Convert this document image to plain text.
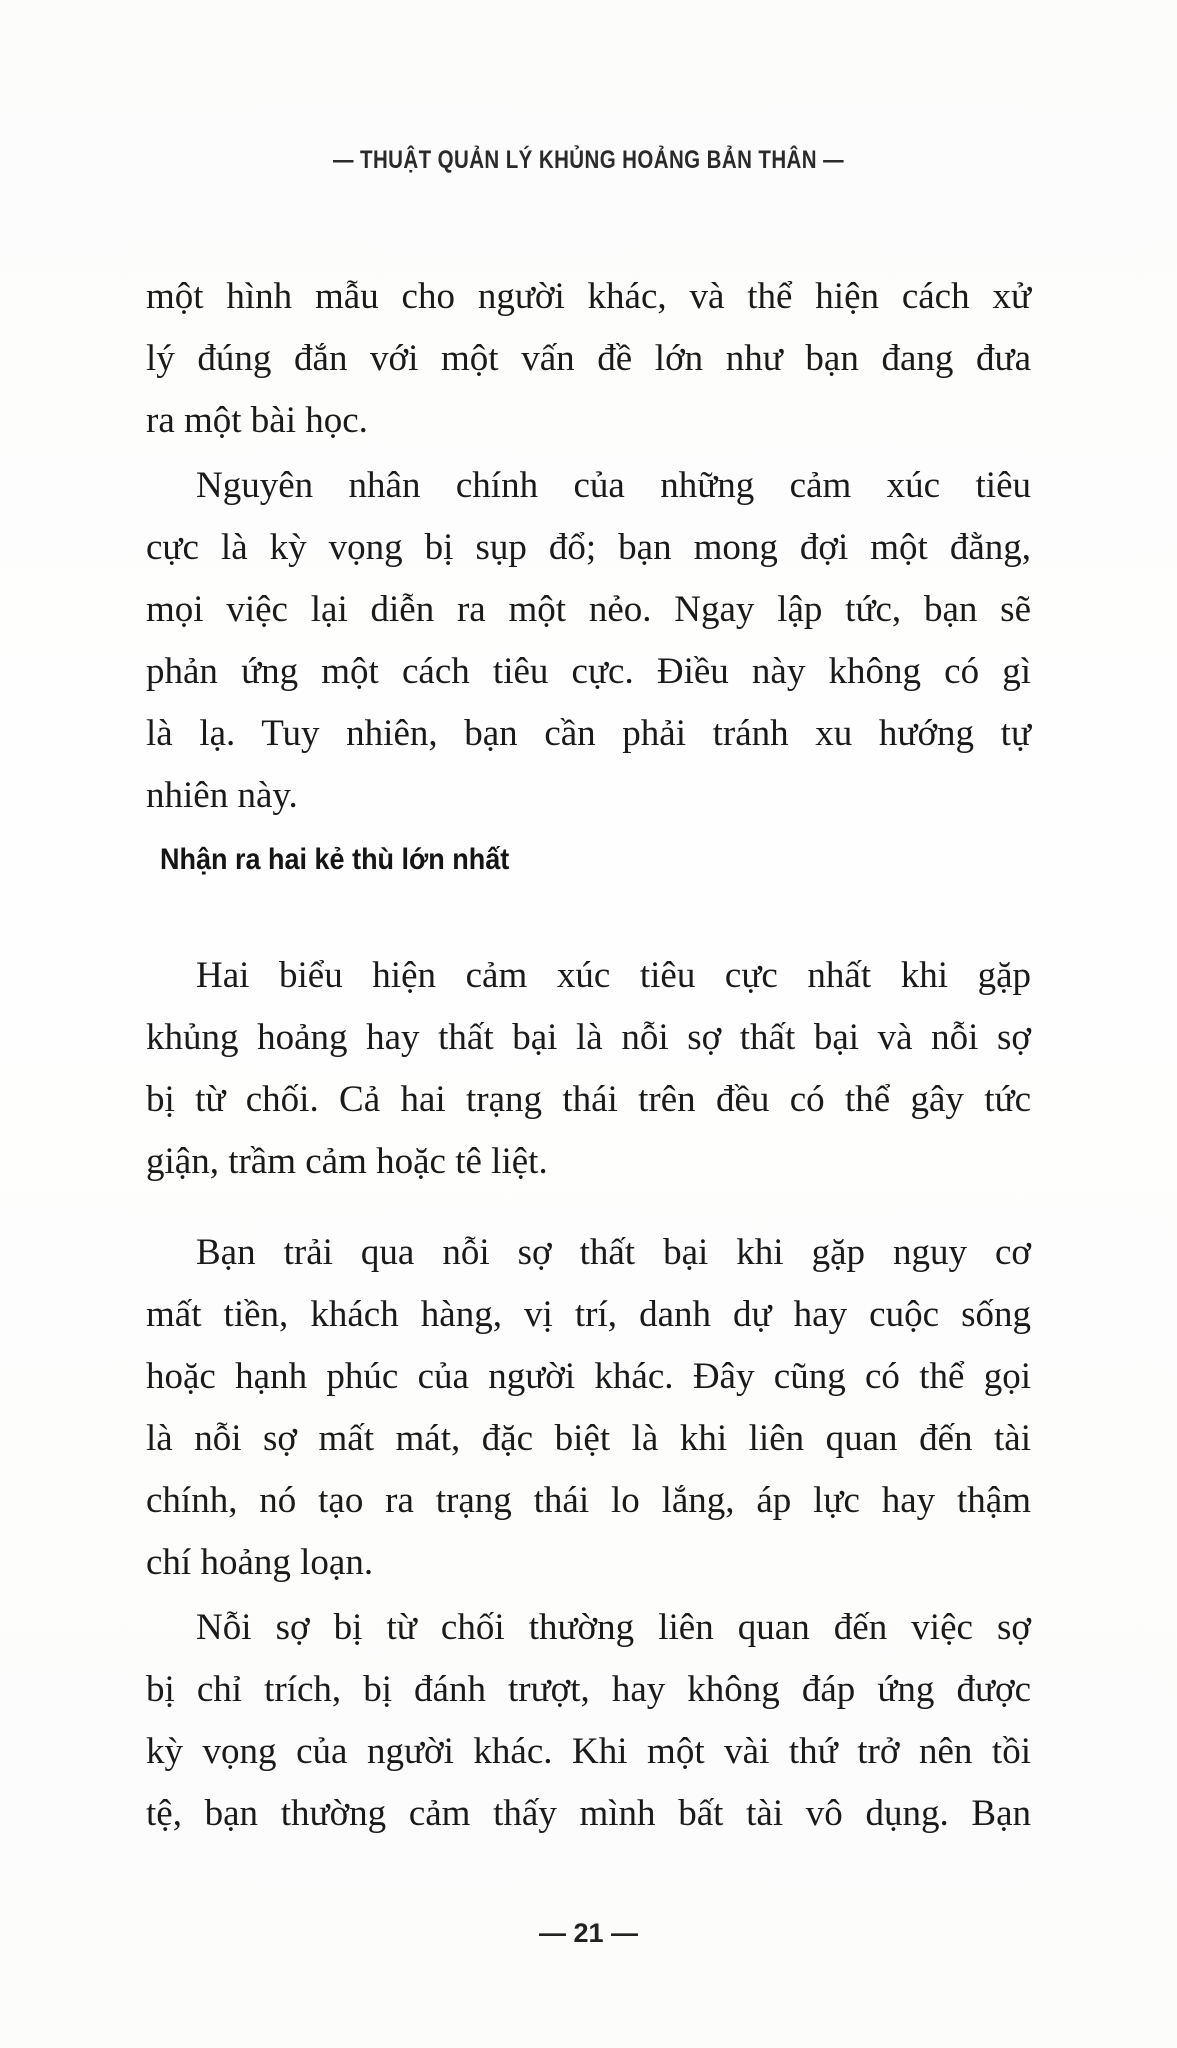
— THUẬT QUẢN LÝ KHỦNG HOẢNG BẢN THÂN —
một hình mẫu cho người khác, và thể hiện cách xử
lý đúng đắn với một vấn đề lớn như bạn đang đưa
ra một bài học.
Nguyên nhân chính của những cảm xúc tiêu
cực là kỳ vọng bị sụp đổ; bạn mong đợi một đằng,
mọi việc lại diễn ra một nẻo. Ngay lập tức, bạn sẽ
phản ứng một cách tiêu cực. Điều này không có gì
là lạ. Tuy nhiên, bạn cần phải tránh xu hướng tự
nhiên này.
Nhận ra hai kẻ thù lớn nhất
Hai biểu hiện cảm xúc tiêu cực nhất khi gặp
khủng hoảng hay thất bại là nỗi sợ thất bại và nỗi sợ
bị từ chối. Cả hai trạng thái trên đều có thể gây tức
giận, trầm cảm hoặc tê liệt.
Bạn trải qua nỗi sợ thất bại khi gặp nguy cơ
mất tiền, khách hàng, vị trí, danh dự hay cuộc sống
hoặc hạnh phúc của người khác. Đây cũng có thể gọi
là nỗi sợ mất mát, đặc biệt là khi liên quan đến tài
chính, nó tạo ra trạng thái lo lắng, áp lực hay thậm
chí hoảng loạn.
Nỗi sợ bị từ chối thường liên quan đến việc sợ
bị chỉ trích, bị đánh trượt, hay không đáp ứng được
kỳ vọng của người khác. Khi một vài thứ trở nên tồi
tệ, bạn thường cảm thấy mình bất tài vô dụng. Bạn
— 21 —
